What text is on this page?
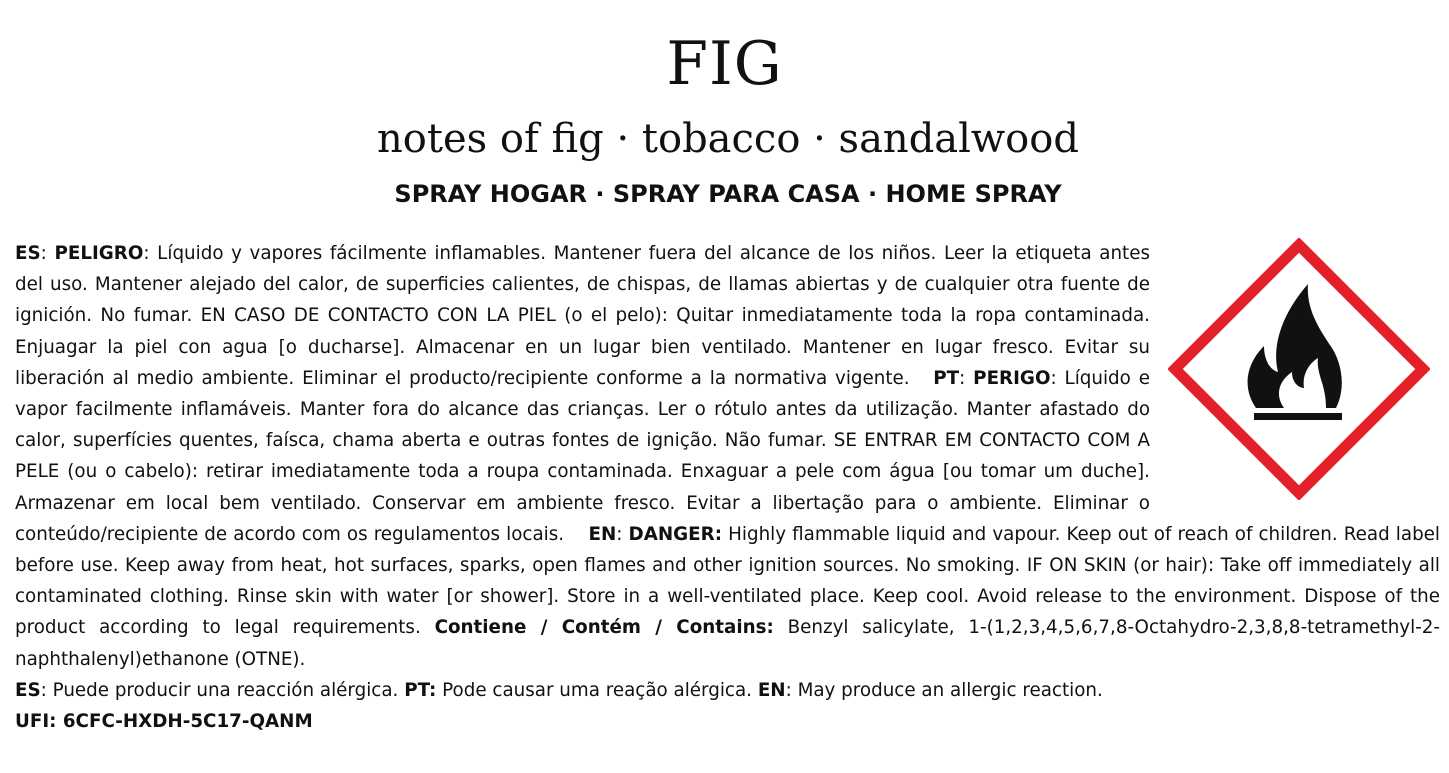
FIG
notes of fig · tobacco · sandalwood
SPRAY HOGAR · SPRAY PARA CASA · HOME SPRAY

ES: PELIGRO: Líquido y vapores fácilmente inflamables. Mantener fuera del alcance de los niños. Leer la etiqueta antes del uso. Mantener alejado del calor, de superficies calientes, de chispas, de llamas abiertas y de cualquier otra fuente de ignición. No fumar. EN CASO DE CONTACTO CON LA PIEL (o el pelo): Quitar inmediatamente toda la ropa contaminada. Enjuagar la piel con agua [o ducharse]. Almacenar en un lugar bien ventilado. Mantener en lugar fresco. Evitar su liberación al medio ambiente. Eliminar el producto/recipiente conforme a la normativa vigente. PT: PERIGO: Líquido e vapor facilmente inflamáveis. Manter fora do alcance das crianças. Ler o rótulo antes da utilização. Manter afastado do calor, superfícies quentes, faísca, chama aberta e outras fontes de ignição. Não fumar. SE ENTRAR EM CONTACTO COM A PELE (ou o cabelo): retirar imediatamente toda a roupa contaminada. Enxaguar a pele com água [ou tomar um duche]. Armazenar em local bem ventilado. Conservar em ambiente fresco. Evitar a libertação para o ambiente. Eliminar o conteúdo/recipiente de acordo com os regulamentos locais. EN: DANGER: Highly flammable liquid and vapour. Keep out of reach of children. Read label before use. Keep away from heat, hot surfaces, sparks, open flames and other ignition sources. No smoking. IF ON SKIN (or hair): Take off immediately all contaminated clothing. Rinse skin with water [or shower]. Store in a well-ventilated place. Keep cool. Avoid release to the environment. Dispose of the product according to legal requirements. Contiene / Contém / Contains: Benzyl salicylate, 1-(1,2,3,4,5,6,7,8-Octahydro-2,3,8,8-tetramethyl-2-naphthalenyl)ethanone (OTNE).

ES: Puede producir una reacción alérgica. PT: Pode causar uma reação alérgica. EN: May produce an allergic reaction.

UFI: 6CFC-HXDH-5C17-QANM
